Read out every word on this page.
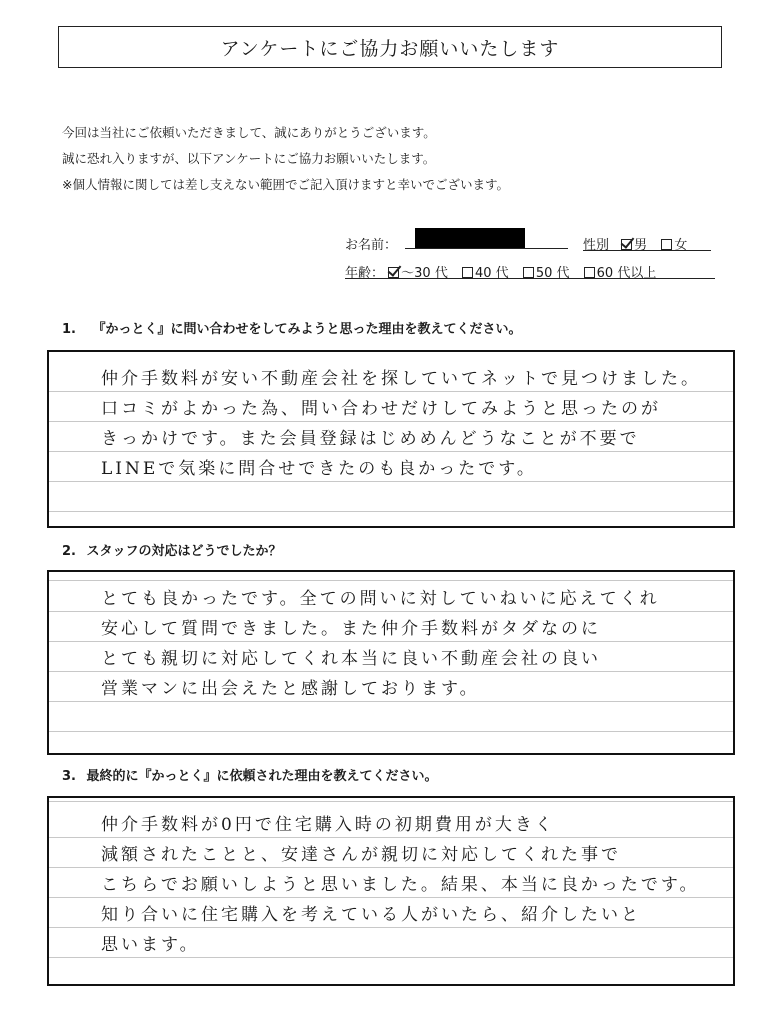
アンケートにご協力お願いいたします
今回は当社にご依頼いただきまして、誠にありがとうございます。
誠に恐れ入りますが、以下アンケートにご協力お願いいたします。
※個人情報に関しては差し支えない範囲でご記入頂けますと幸いでございます。
お名前：	性別 男 女
年齢： ～30 代 40 代 50 代 60 代以上
1. 『かっとく』に問い合わせをしてみようと思った理由を教えてください。
仲介手数料が安い不動産会社を探していてネットで見つけました。
口コミがよかった為、問い合わせだけしてみようと思ったのが
きっかけです。また会員登録はじめめんどうなことが不要で
LINEで気楽に問合せできたのも良かったです。
2. スタッフの対応はどうでしたか？
とても良かったです。全ての問いに対していねいに応えてくれ
安心して質問できました。また仲介手数料がタダなのに
とても親切に対応してくれ本当に良い不動産会社の良い
営業マンに出会えたと感謝しております。
3. 最終的に『かっとく』に依頼された理由を教えてください。
仲介手数料が0円で住宅購入時の初期費用が大きく
減額されたことと、安達さんが親切に対応してくれた事で
こちらでお願いしようと思いました。結果、本当に良かったです。
知り合いに住宅購入を考えている人がいたら、紹介したいと
思います。
